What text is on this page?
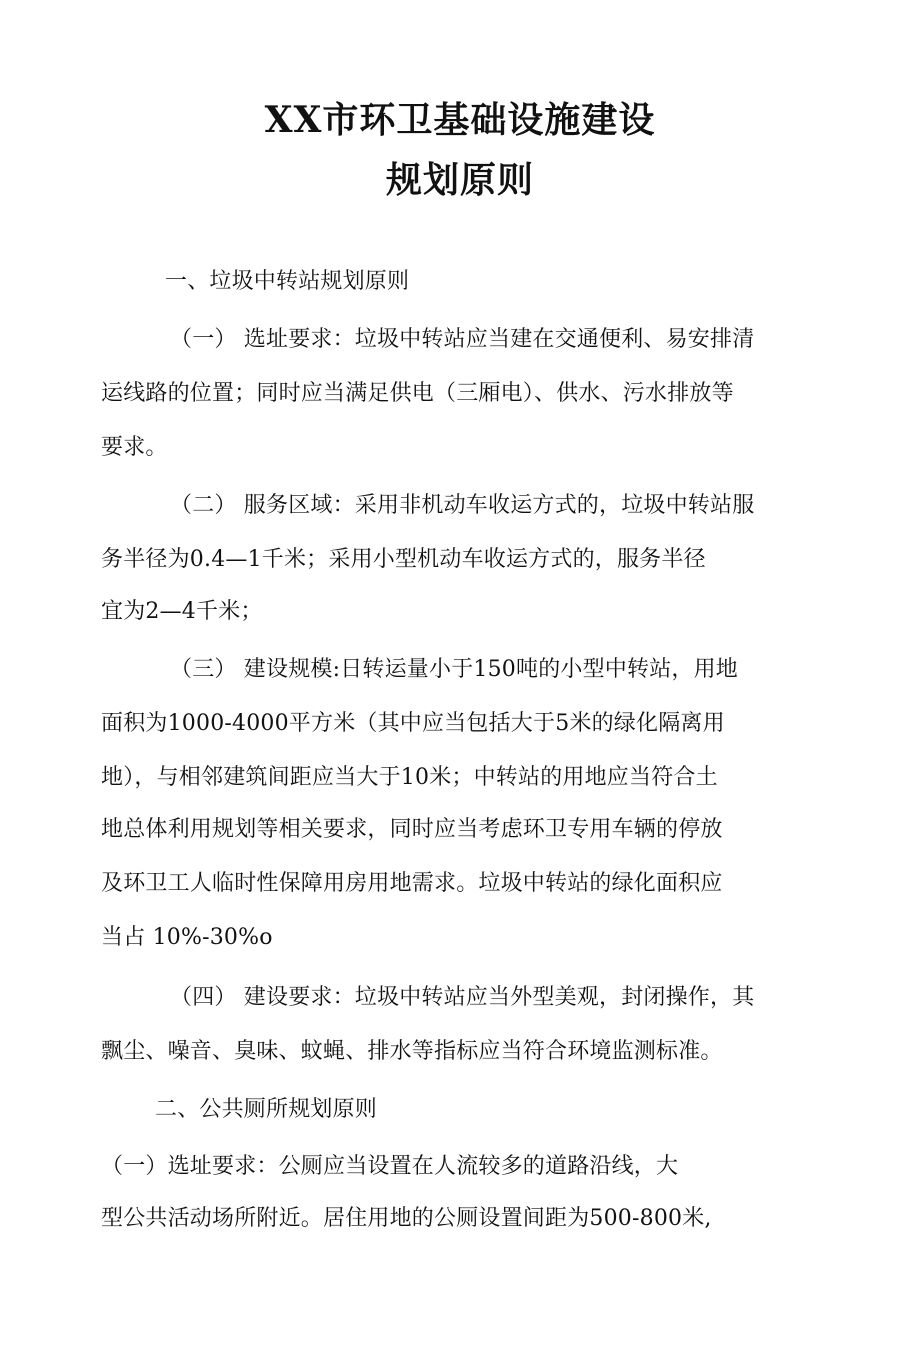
XX市环卫基础设施建设
规划原则
一、垃圾中转站规划原则
（一） 选址要求：垃圾中转站应当建在交通便利、易安排清
运线路的位置；同时应当满足供电（三厢电）、供水、污水排放等
要求。
（二） 服务区域：采用非机动车收运方式的，垃圾中转站服
务半径为0.4—1千米；采用小型机动车收运方式的，服务半径
宜为2—4千米；
（三） 建设规模:日转运量小于150吨的小型中转站，用地
面积为1000-4000平方米（其中应当包括大于5米的绿化隔离用
地），与相邻建筑间距应当大于10米；中转站的用地应当符合土
地总体利用规划等相关要求，同时应当考虑环卫专用车辆的停放
及环卫工人临时性保障用房用地需求。垃圾中转站的绿化面积应
当占 10%-30%o
（四） 建设要求：垃圾中转站应当外型美观，封闭操作，其
飘尘、噪音、臭味、蚊蝇、排水等指标应当符合环境监测标准。
二、公共厕所规划原则
（一）选址要求：公厕应当设置在人流较多的道路沿线，大
型公共活动场所附近。居住用地的公厕设置间距为500-800米,
